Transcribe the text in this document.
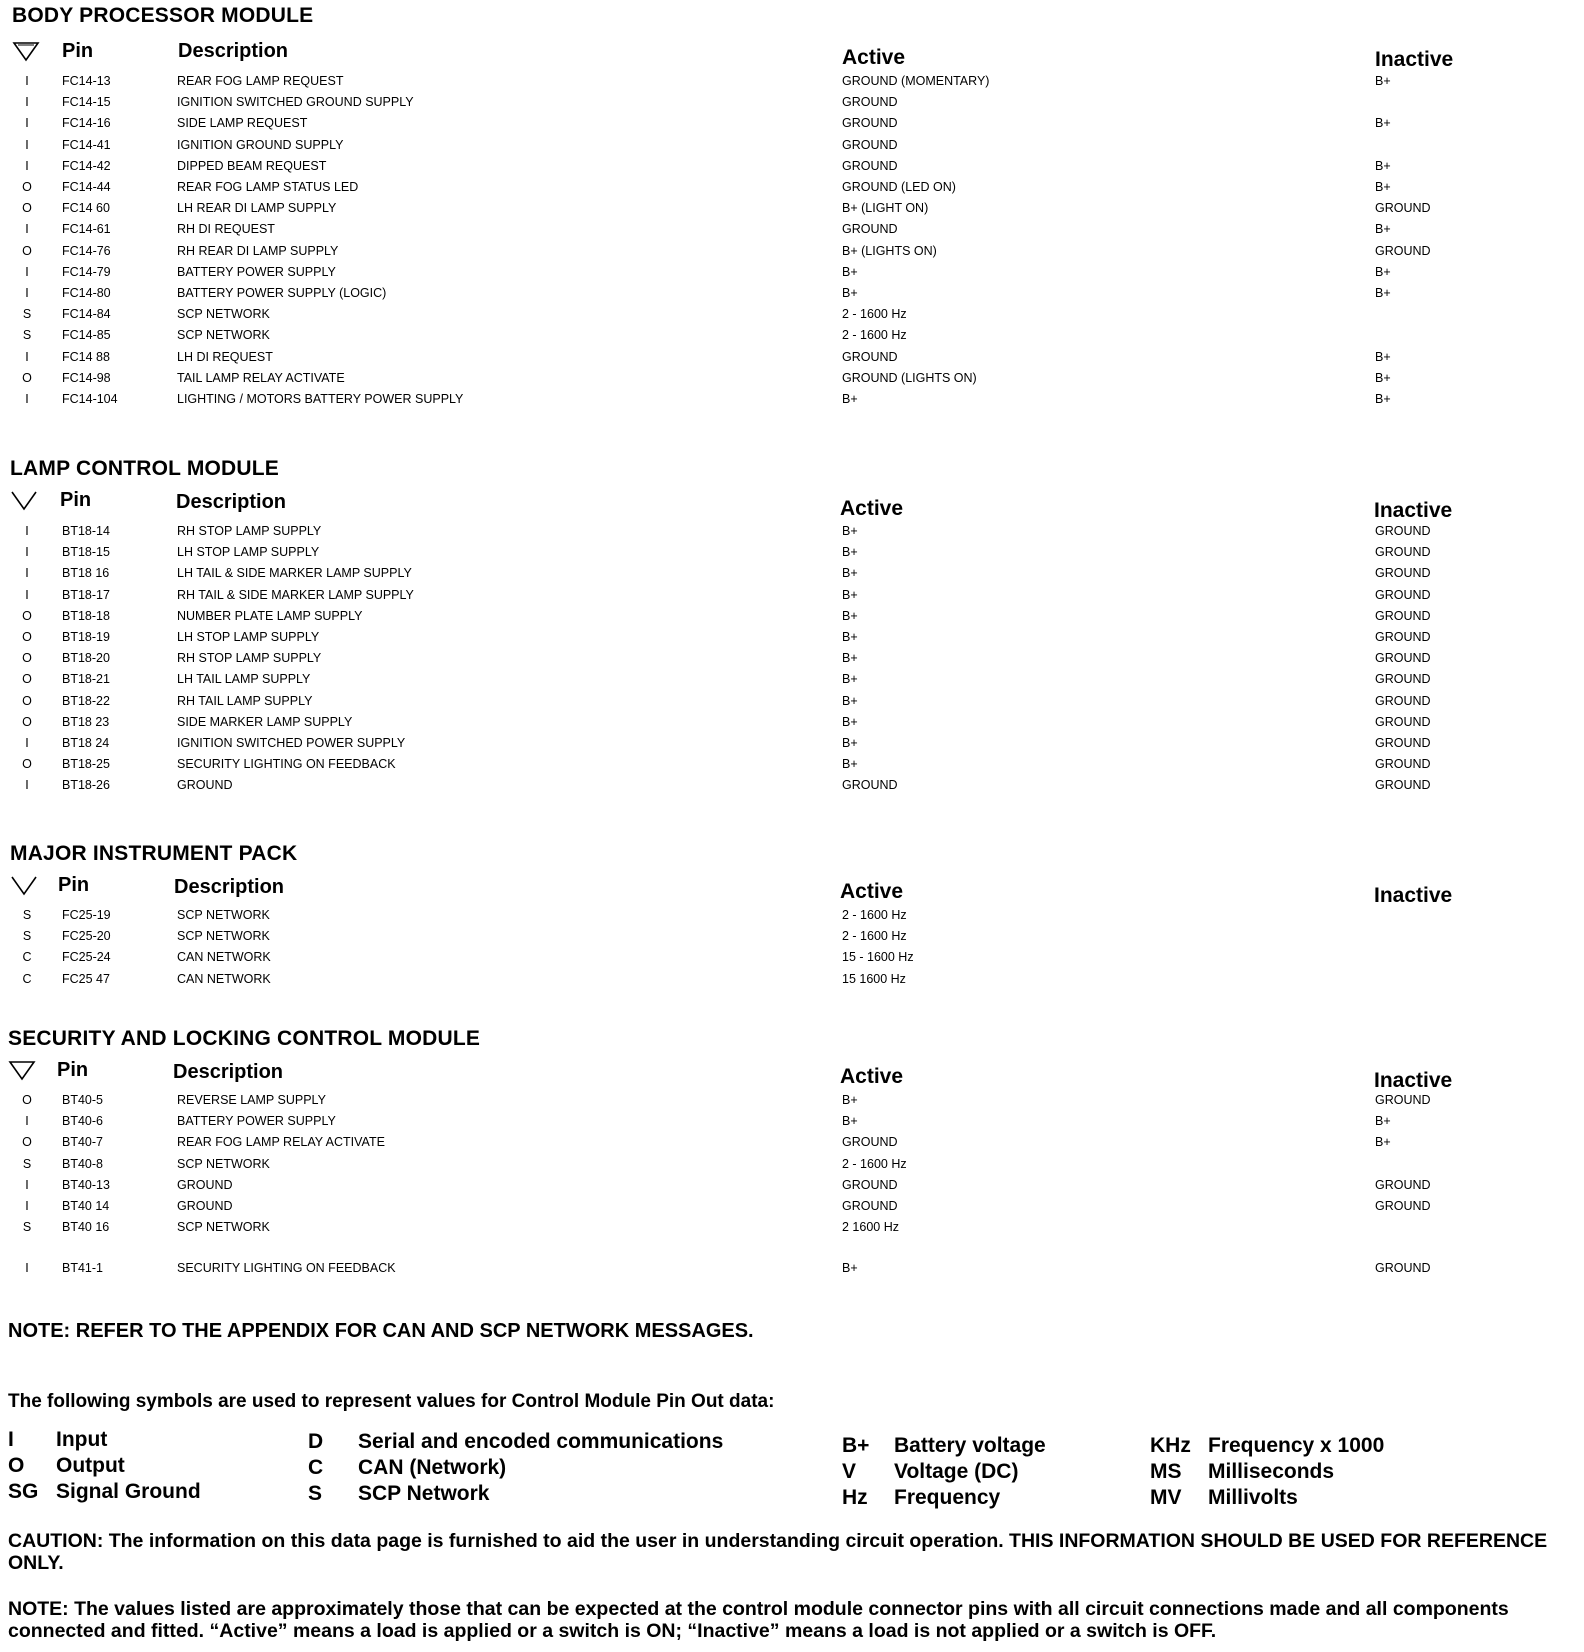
BODY PROCESSOR MODULE
Pin	Description	Active	Inactive
I	FC14-13	REAR FOG LAMP REQUEST	GROUND (MOMENTARY)	B+
I	FC14-15	IGNITION SWITCHED GROUND SUPPLY	GROUND
I	FC14-16	SIDE LAMP REQUEST	GROUND	B+
I	FC14-41	IGNITION GROUND SUPPLY	GROUND
I	FC14-42	DIPPED BEAM REQUEST	GROUND	B+
O FC14-44	REAR FOG LAMP STATUS LED	GROUND (LED ON)	B+
O FC14 60	LH REAR DI LAMP SUPPLY	B+ (LIGHT ON)	GROUND
I	FC14-61	RH DI REQUEST	GROUND	B+
O FC14-76	RH REAR DI LAMP SUPPLY	B+ (LIGHTS ON)	GROUND
I	FC14-79	BATTERY POWER SUPPLY	B+	B+
I	FC14-80	BATTERY POWER SUPPLY (LOGIC)	B+	B+
S FC14-84	SCP NETWORK	2 - 1600 Hz
S FC14-85	SCP NETWORK	2 - 1600 Hz
I	FC14 88	LH DI REQUEST	GROUND	B+
O FC14-98	TAIL LAMP RELAY ACTIVATE	GROUND (LIGHTS ON)	B+
I	FC14-104	LIGHTING / MOTORS BATTERY POWER SUPPLY	B+	B+
LAMP CONTROL MODULE
Pin	Description	Active	Inactive
I	BT18-14	RH STOP LAMP SUPPLY	B+	GROUND
I	BT18-15	LH STOP LAMP SUPPLY	B+	GROUND
I	BT18 16	LH TAIL & SIDE MARKER LAMP SUPPLY	B+	GROUND
I	BT18-17	RH TAIL & SIDE MARKER LAMP SUPPLY	B+	GROUND
O BT18-18	NUMBER PLATE LAMP SUPPLY	B+	GROUND
O BT18-19	LH STOP LAMP SUPPLY	B+	GROUND
O BT18-20	RH STOP LAMP SUPPLY	B+	GROUND
O BT18-21	LH TAIL LAMP SUPPLY	B+	GROUND
O BT18-22	RH TAIL LAMP SUPPLY	B+	GROUND
O BT18 23	SIDE MARKER LAMP SUPPLY	B+	GROUND
I	BT18 24	IGNITION SWITCHED POWER SUPPLY	B+	GROUND
O BT18-25	SECURITY LIGHTING ON FEEDBACK	B+	GROUND
I	BT18-26	GROUND	GROUND	GROUND
MAJOR INSTRUMENT PACK
Pin	Description	Active	Inactive
S FC25-19	SCP NETWORK	2 - 1600 Hz
S FC25-20	SCP NETWORK	2 - 1600 Hz
C FC25-24	CAN NETWORK	15 - 1600 Hz
C FC25 47	CAN NETWORK	15 1600 Hz
SECURITY AND LOCKING CONTROL MODULE
Pin	Description	Active	Inactive
O BT40-5	REVERSE LAMP SUPPLY	B+	GROUND
I	BT40-6	BATTERY POWER SUPPLY	B+	B+
O BT40-7	REAR FOG LAMP RELAY ACTIVATE	GROUND	B+
S BT40-8	SCP NETWORK	2 - 1600 Hz
I	BT40-13	GROUND	GROUND	GROUND
I	BT40 14	GROUND	GROUND	GROUND
S BT40 16	SCP NETWORK	2 1600 Hz
I	BT41-1	SECURITY LIGHTING ON FEEDBACK	B+	GROUND
NOTE: REFER TO THE APPENDIX FOR CAN AND SCP NETWORK MESSAGES.
The following symbols are used to represent values for Control Module Pin Out data:
I Input
O Output
SG Signal Ground
D Serial and encoded communications
C CAN (Network)
S SCP Network
B+ Battery voltage
V Voltage (DC)
Hz Frequency
KHz Frequency x 1000
MS Milliseconds
MV Millivolts
CAUTION: The information on this data page is furnished to aid the user in understanding circuit operation. THIS INFORMATION SHOULD BE USED FOR REFERENCE ONLY.
NOTE: The values listed are approximately those that can be expected at the control module connector pins with all circuit connections made and all components connected and fitted. “Active” means a load is applied or a switch is ON; “Inactive” means a load is not applied or a switch is OFF.
